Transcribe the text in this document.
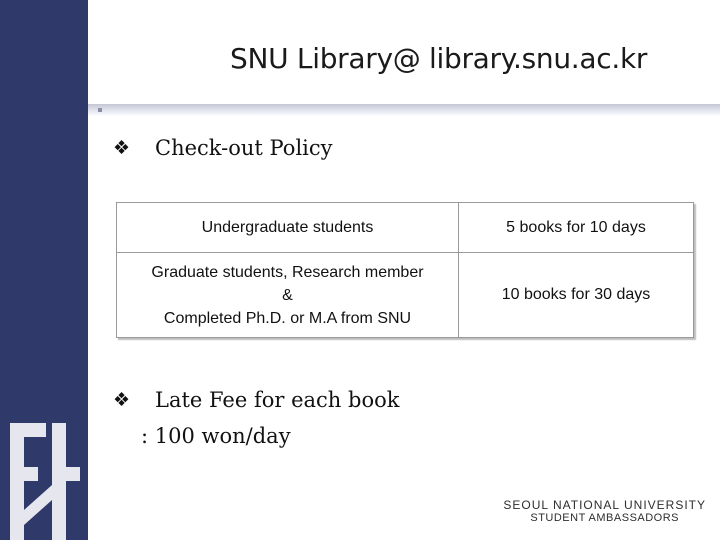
SNU Library@ library.snu.ac.kr
❖	Check-out Policy
Undergraduate students	5 books for 10 days

Graduate students, Research member
&
Completed Ph.D. or M.A from SNU	10 books for 30 days
❖	Late Fee for each book
: 100 won/day
SEOUL NATIONAL UNIVERSITY
STUDENT AMBASSADORS
